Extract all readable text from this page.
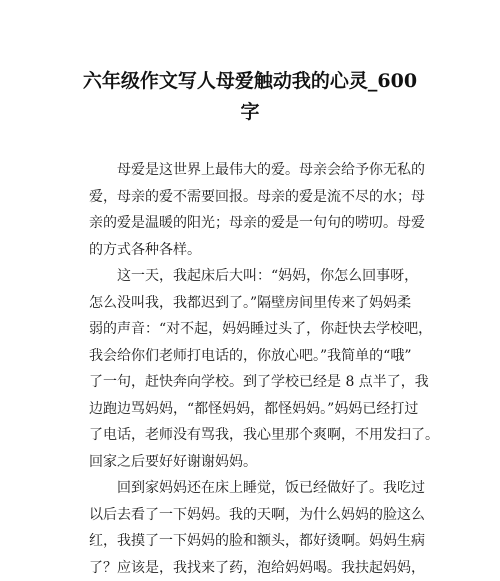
六年级作文写人母爱触动我的心灵_600
字
母爱是这世界上最伟大的爱。母亲会给予你无私的
爱，母亲的爱不需要回报。母亲的爱是流不尽的水；母
亲的爱是温暖的阳光；母亲的爱是一句句的唠叨。母爱
的方式各种各样。
这一天，我起床后大叫：“妈妈，你怎么回事呀，
怎么没叫我，我都迟到了。”隔壁房间里传来了妈妈柔
弱的声音：“对不起，妈妈睡过头了，你赶快去学校吧，
我会给你们老师打电话的，你放心吧。”我简单的“哦”
了一句，赶快奔向学校。到了学校已经是 8 点半了，我
边跑边骂妈妈，“都怪妈妈，都怪妈妈。”妈妈已经打过
了电话，老师没有骂我，我心里那个爽啊，不用发扫了。
回家之后要好好谢谢妈妈。
回到家妈妈还在床上睡觉，饭已经做好了。我吃过
以后去看了一下妈妈。我的天啊，为什么妈妈的脸这么
红，我摸了一下妈妈的脸和额头，都好烫啊。妈妈生病
了？应该是，我找来了药，泡给妈妈喝。我扶起妈妈，
